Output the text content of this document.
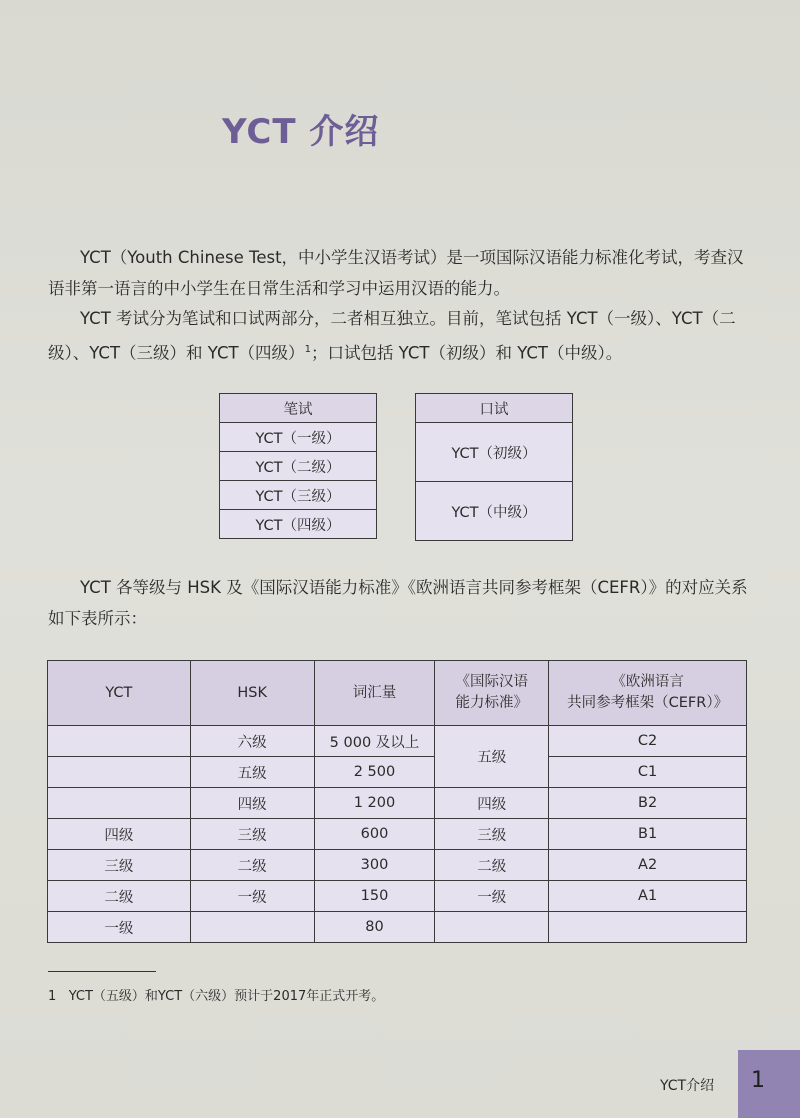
YCT 介绍

YCT（Youth Chinese Test，中小学生汉语考试）是一项国际汉语能力标准化考试，考查汉语非第一语言的中小学生在日常生活和学习中运用汉语的能力。

YCT 考试分为笔试和口试两部分，二者相互独立。目前，笔试包括 YCT（一级）、YCT（二级）、YCT（三级）和 YCT（四级）$^1$；口试包括 YCT（初级）和 YCT（中级）。

笔试
YCT（一级）
YCT（二级）
YCT（三级）
YCT（四级）
口试
YCT（初级）
YCT（中级）

YCT 各等级与 HSK 及《国际汉语能力标准》《欧洲语言共同参考框架（CEFR）》的对应关系如下表所示：

YCT	HSK	词汇量	《国际汉语
能力标准》	《欧洲语言
共同参考框架（CEFR）》
	六级	5 000 及以上	五级	C2
	五级	2 500		C1
	四级	1 200	四级	B2
四级	三级	600	三级	B1
三级	二级	300	二级	A2
二级	一级	150	一级	A1
一级		80		
1 YCT（五级）和YCT（六级）预计于2017年正式开考。
YCT介绍 1
